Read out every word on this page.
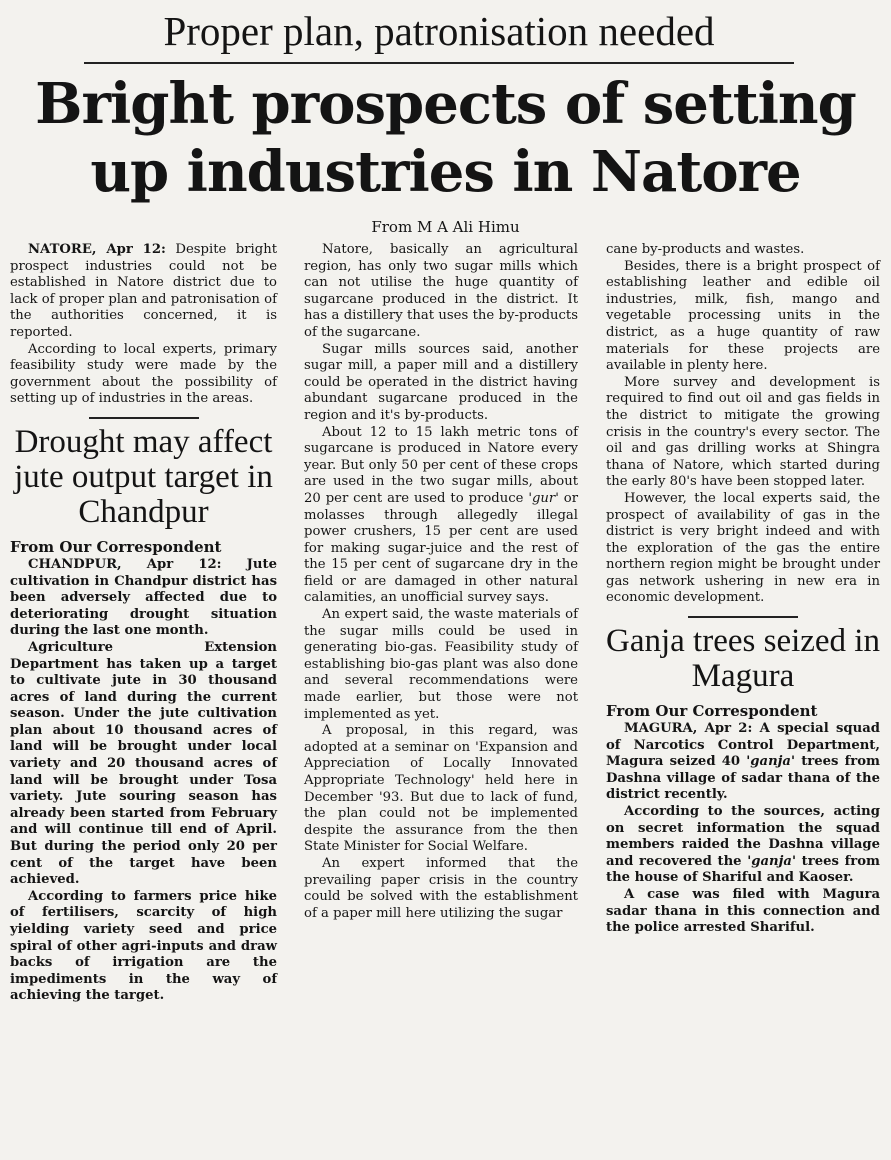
Proper plan, patronisation needed
Bright prospects of setting
up industries in Natore
From M A Ali Himu

NATORE, Apr 12: Despite bright prospect industries could not be established in Natore district due to lack of proper plan and patronisation of the authorities concerned, it is reported.

According to local experts, primary feasibility study were made by the government about the possibility of setting up of industries in the areas.

Drought may affect jute output target in Chandpur

From Our Correspondent

CHANDPUR, Apr 12: Jute cultivation in Chandpur district has been adversely affected due to deteriorating drought situation during the last one month.

Agriculture Extension Department has taken up a target to cultivate jute in 30 thousand acres of land during the current season. Under the jute cultivation plan about 10 thousand acres of land will be brought under local variety and 20 thousand acres of land will be brought under Tosa variety. Jute souring season has already been started from February and will continue till end of April. But during the period only 20 per cent of the target have been achieved.

According to farmers price hike of fertilisers, scarcity of high yielding variety seed and price spiral of other agri-inputs and draw backs of irrigation are the impediments in the way of achieving the target.

Natore, basically an agricultural region, has only two sugar mills which can not utilise the huge quantity of sugarcane produced in the district. It has a distillery that uses the by-products of the sugarcane.

Sugar mills sources said, another sugar mill, a paper mill and a distillery could be operated in the district having abundant sugarcane produced in the region and it's by-products.

About 12 to 15 lakh metric tons of sugarcane is produced in Natore every year. But only 50 per cent of these crops are used in the two sugar mills, about 20 per cent are used to produce 'gur' or molasses through allegedly illegal power crushers, 15 per cent are used for making sugar-juice and the rest of the 15 per cent of sugarcane dry in the field or are damaged in other natural calamities, an unofficial survey says.

An expert said, the waste materials of the sugar mills could be used in generating bio-gas. Feasibility study of establishing bio-gas plant was also done and several recommendations were made earlier, but those were not implemented as yet.

A proposal, in this regard, was adopted at a seminar on 'Expansion and Appreciation of Locally Innovated Appropriate Technology' held here in December '93. But due to lack of fund, the plan could not be implemented despite the assurance from the then State Minister for Social Welfare.

An expert informed that the prevailing paper crisis in the country could be solved with the establishment of a paper mill here utilizing the sugar

cane by-products and wastes.

Besides, there is a bright prospect of establishing leather and edible oil industries, milk, fish, mango and vegetable processing units in the district, as a huge quantity of raw materials for these projects are available in plenty here.

More survey and development is required to find out oil and gas fields in the district to mitigate the growing crisis in the country's every sector. The oil and gas drilling works at Shingra thana of Natore, which started during the early 80's have been stopped later.

However, the local experts said, the prospect of availability of gas in the district is very bright indeed and with the exploration of the gas the entire northern region might be brought under gas network ushering in new era in economic development.

Ganja trees seized in Magura

From Our Correspondent

MAGURA, Apr 2: A special squad of Narcotics Control Department, Magura seized 40 'ganja' trees from Dashna village of sadar thana of the district recently.

According to the sources, acting on secret information the squad members raided the Dashna village and recovered the 'ganja' trees from the house of Shariful and Kaoser.

A case was filed with Magura sadar thana in this connection and the police arrested Shariful.
